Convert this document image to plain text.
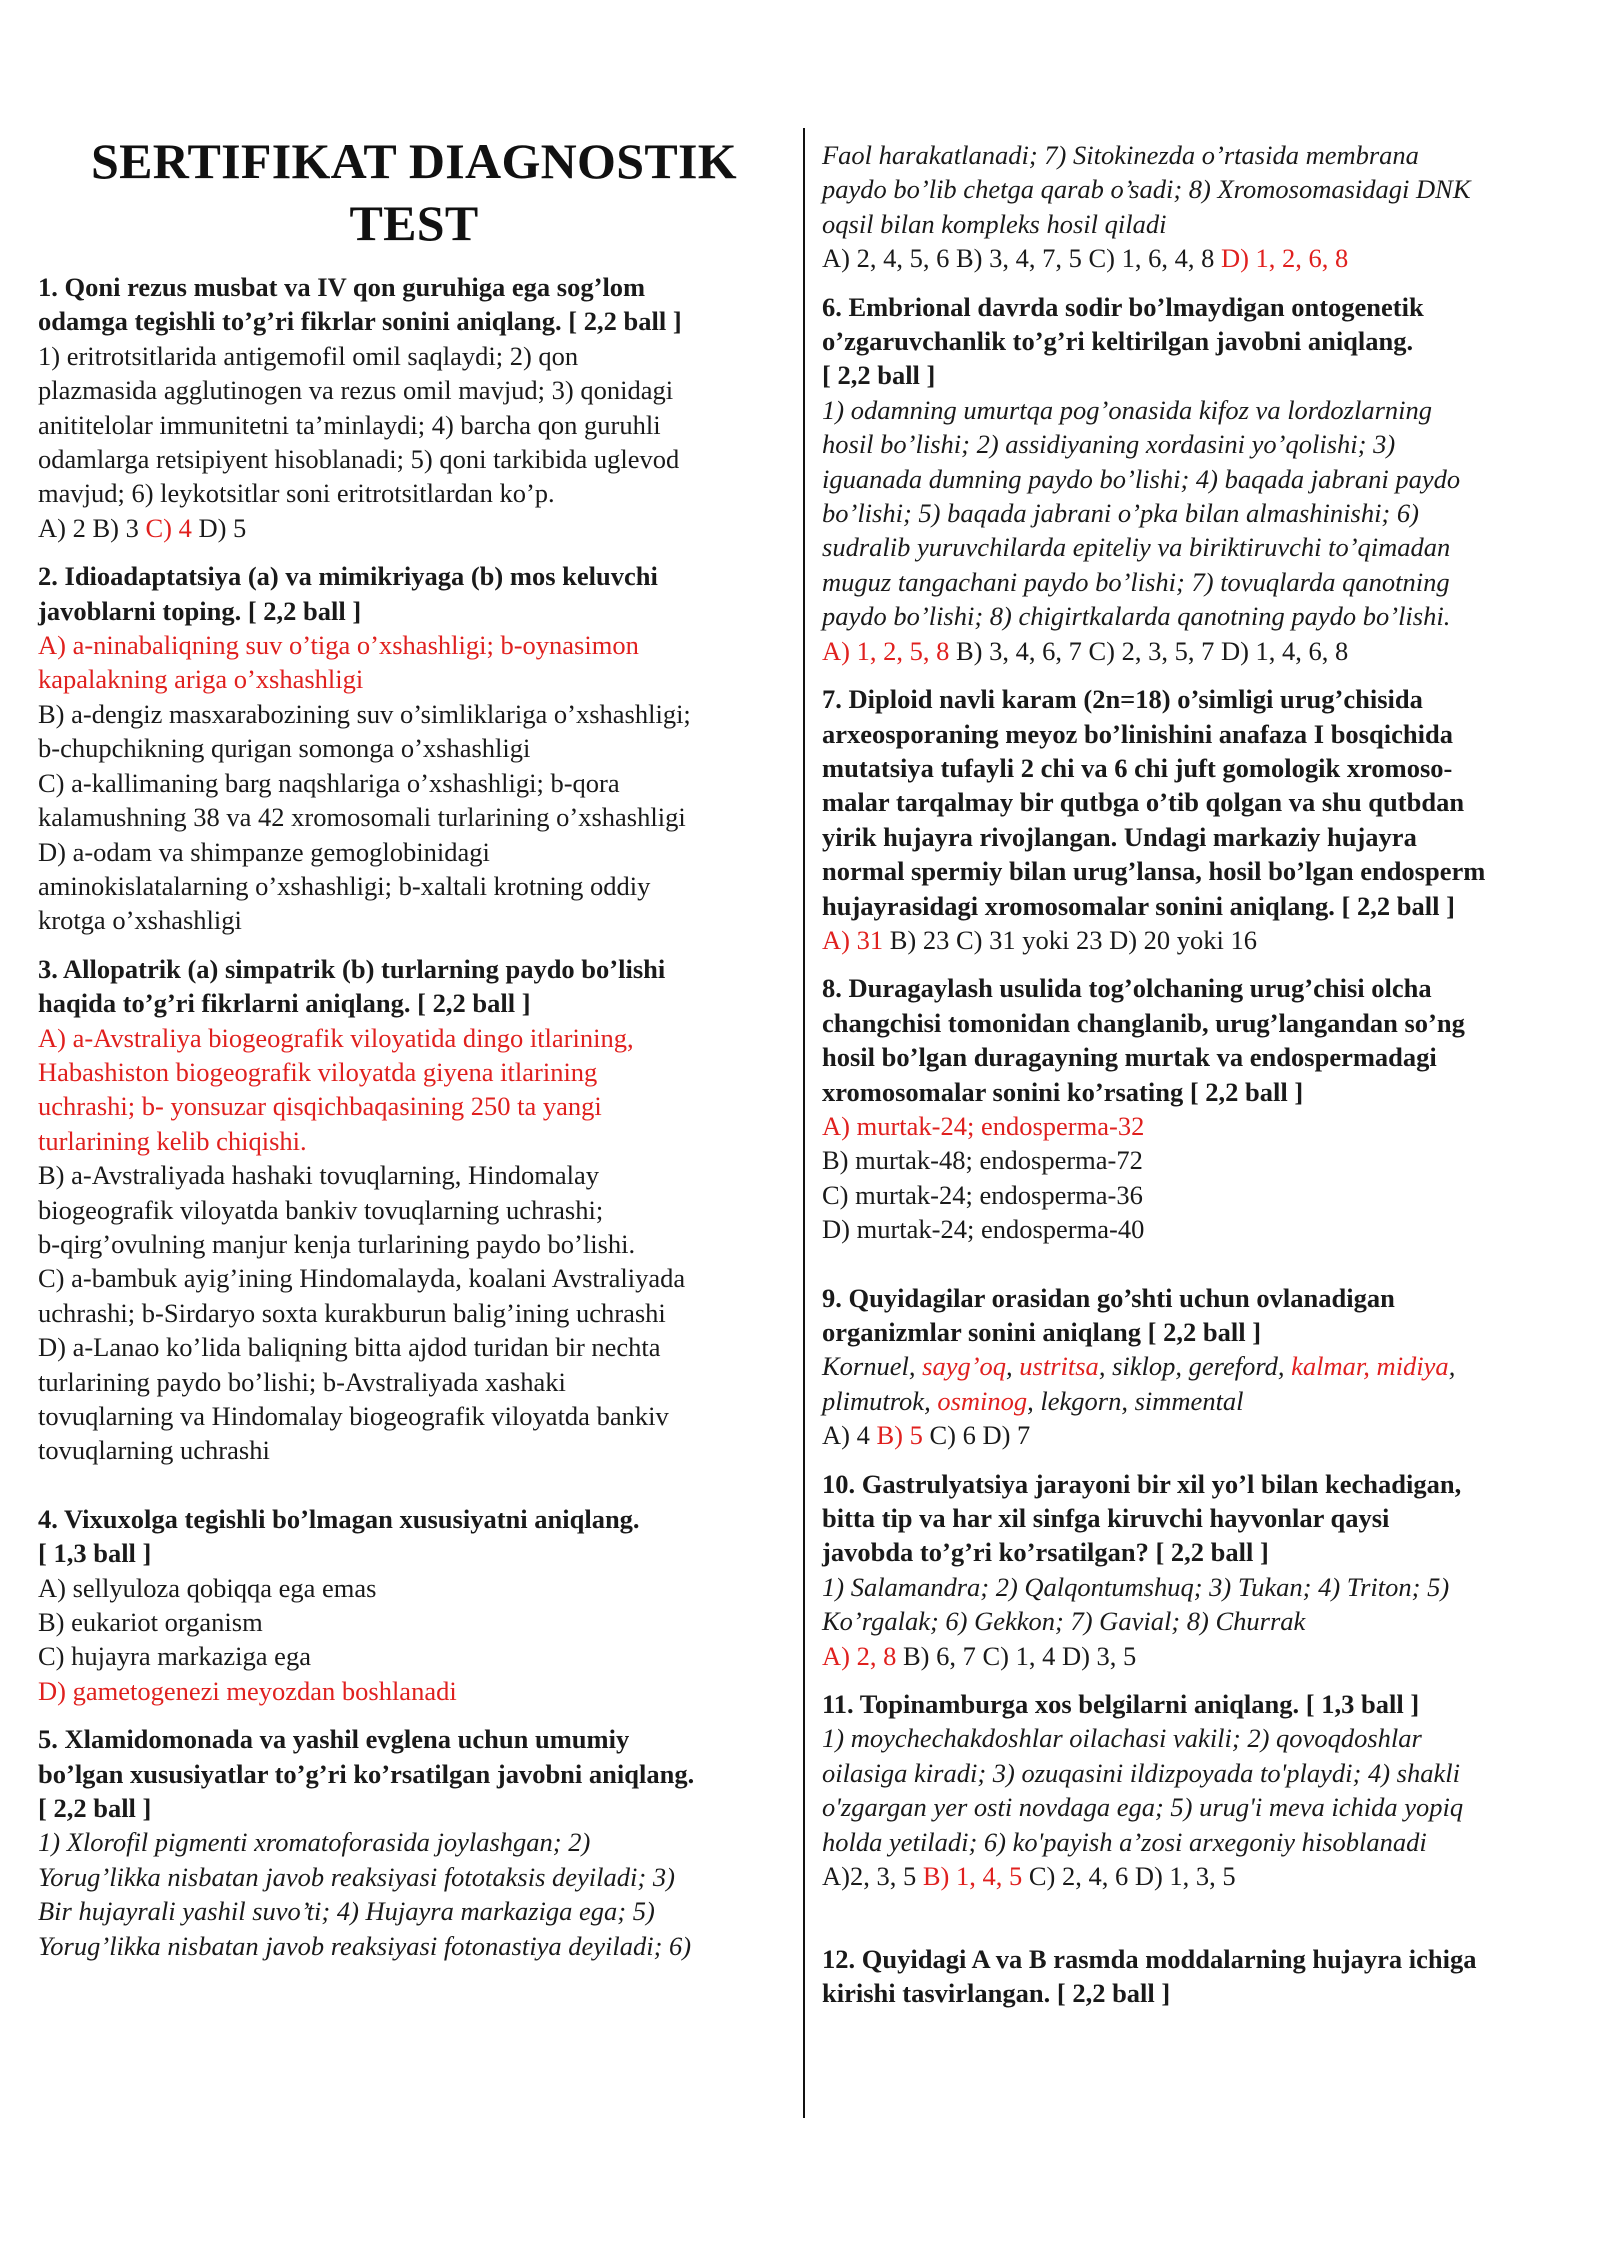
SERTIFIKAT DIAGNOSTIK
TEST
1. Qoni rezus musbat va IV qon guruhiga ega sog’lom
odamga tegishli to’g’ri fikrlar sonini aniqlang. [ 2,2 ball ]
1) eritrotsitlarida antigemofil omil saqlaydi; 2) qon
plazmasida agglutinogen va rezus omil mavjud; 3) qonidagi
anititelolar immunitetni ta’minlaydi; 4) barcha qon guruhli
odamlarga retsipiyent hisoblanadi; 5) qoni tarkibida uglevod
mavjud; 6) leykotsitlar soni eritrotsitlardan ko’p.
A) 2 B) 3 C) 4 D) 5
2. Idioadaptatsiya (a) va mimikriyaga (b) mos keluvchi
javoblarni toping. [ 2,2 ball ]
A) a-ninabaliqning suv o’tiga o’xshashligi; b-oynasimon
kapalakning ariga o’xshashligi
B) a-dengiz masxarabozining suv o’simliklariga o’xshashligi;
b-chupchikning qurigan somonga o’xshashligi
C) a-kallimaning barg naqshlariga o’xshashligi; b-qora
kalamushning 38 va 42 xromosomali turlarining o’xshashligi
D) a-odam va shimpanze gemoglobinidagi
aminokislatalarning o’xshashligi; b-xaltali krotning oddiy
krotga o’xshashligi
3. Allopatrik (a) simpatrik (b) turlarning paydo bo’lishi
haqida to’g’ri fikrlarni aniqlang. [ 2,2 ball ]
A) a-Avstraliya biogeografik viloyatida dingo itlarining,
Habashiston biogeografik viloyatda giyena itlarining
uchrashi; b- yonsuzar qisqichbaqasining 250 ta yangi
turlarining kelib chiqishi.
B) a-Avstraliyada hashaki tovuqlarning, Hindomalay
biogeografik viloyatda bankiv tovuqlarning uchrashi;
b-qirg’ovulning manjur kenja turlarining paydo bo’lishi.
C) a-bambuk ayig’ining Hindomalayda, koalani Avstraliyada
uchrashi; b-Sirdaryo soxta kurakburun balig’ining uchrashi
D) a-Lanao ko’lida baliqning bitta ajdod turidan bir nechta
turlarining paydo bo’lishi; b-Avstraliyada xashaki
tovuqlarning va Hindomalay biogeografik viloyatda bankiv
tovuqlarning uchrashi
4. Vixuxolga tegishli bo’lmagan xususiyatni aniqlang.
[ 1,3 ball ]
A) sellyuloza qobiqqa ega emas
B) eukariot organism
C) hujayra markaziga ega
D) gametogenezi meyozdan boshlanadi
5. Xlamidomonada va yashil evglena uchun umumiy
bo’lgan xususiyatlar to’g’ri ko’rsatilgan javobni aniqlang.
[ 2,2 ball ]
1) Xlorofil pigmenti xromatoforasida joylashgan; 2)
Yorug’likka nisbatan javob reaksiyasi fototaksis deyiladi; 3)
Bir hujayrali yashil suvo’ti; 4) Hujayra markaziga ega; 5)
Yorug’likka nisbatan javob reaksiyasi fotonastiya deyiladi; 6)
Faol harakatlanadi; 7) Sitokinezda o’rtasida membrana
paydo bo’lib chetga qarab o’sadi; 8) Xromosomasidagi DNK
oqsil bilan kompleks hosil qiladi
A) 2, 4, 5, 6 B) 3, 4, 7, 5 C) 1, 6, 4, 8 D) 1, 2, 6, 8
6. Embrional davrda sodir bo’lmaydigan ontogenetik
o’zgaruvchanlik to’g’ri keltirilgan javobni aniqlang.
[ 2,2 ball ]
1) odamning umurtqa pog’onasida kifoz va lordozlarning
hosil bo’lishi; 2) assidiyaning xordasini yo’qolishi; 3)
iguanada dumning paydo bo’lishi; 4) baqada jabrani paydo
bo’lishi; 5) baqada jabrani o’pka bilan almashinishi; 6)
sudralib yuruvchilarda epiteliy va biriktiruvchi to’qimadan
muguz tangachani paydo bo’lishi; 7) tovuqlarda qanotning
paydo bo’lishi; 8) chigirtkalarda qanotning paydo bo’lishi.
A) 1, 2, 5, 8 B) 3, 4, 6, 7 C) 2, 3, 5, 7 D) 1, 4, 6, 8
7. Diploid navli karam (2n=18) o’simligi urug’chisida
arxeosporaning meyoz bo’linishini anafaza I bosqichida
mutatsiya tufayli 2 chi va 6 chi juft gomologik xromoso-
malar tarqalmay bir qutbga o’tib qolgan va shu qutbdan
yirik hujayra rivojlangan. Undagi markaziy hujayra
normal spermiy bilan urug’lansa, hosil bo’lgan endosperm
hujayrasidagi xromosomalar sonini aniqlang. [ 2,2 ball ]
A) 31 B) 23 C) 31 yoki 23 D) 20 yoki 16
8. Duragaylash usulida tog’olchaning urug’chisi olcha
changchisi tomonidan changlanib, urug’langandan so’ng
hosil bo’lgan duragayning murtak va endospermadagi
xromosomalar sonini ko’rsating [ 2,2 ball ]
A) murtak-24; endosperma-32
B) murtak-48; endosperma-72
C) murtak-24; endosperma-36
D) murtak-24; endosperma-40
9. Quyidagilar orasidan go’shti uchun ovlanadigan
organizmlar sonini aniqlang [ 2,2 ball ]
Kornuel, sayg’oq, ustritsa, siklop, gereford, kalmar, midiya,
plimutrok, osminog, lekgorn, simmental
A) 4 B) 5 C) 6 D) 7
10. Gastrulyatsiya jarayoni bir xil yo’l bilan kechadigan,
bitta tip va har xil sinfga kiruvchi hayvonlar qaysi
javobda to’g’ri ko’rsatilgan? [ 2,2 ball ]
1) Salamandra; 2) Qalqontumshuq; 3) Tukan; 4) Triton; 5)
Ko’rgalak; 6) Gekkon; 7) Gavial; 8) Churrak
A) 2, 8 B) 6, 7 C) 1, 4 D) 3, 5
11. Topinamburga xos belgilarni aniqlang. [ 1,3 ball ]
1) moychechakdoshlar oilachasi vakili; 2) qovoqdoshlar
oilasiga kiradi; 3) ozuqasini ildizpoyada to'playdi; 4) shakli
o'zgargan yer osti novdaga ega; 5) urug'i meva ichida yopiq
holda yetiladi; 6) ko'payish a’zosi arxegoniy hisoblanadi
A)2, 3, 5 B) 1, 4, 5 C) 2, 4, 6 D) 1, 3, 5
12. Quyidagi A va B rasmda moddalarning hujayra ichiga
kirishi tasvirlangan. [ 2,2 ball ]
